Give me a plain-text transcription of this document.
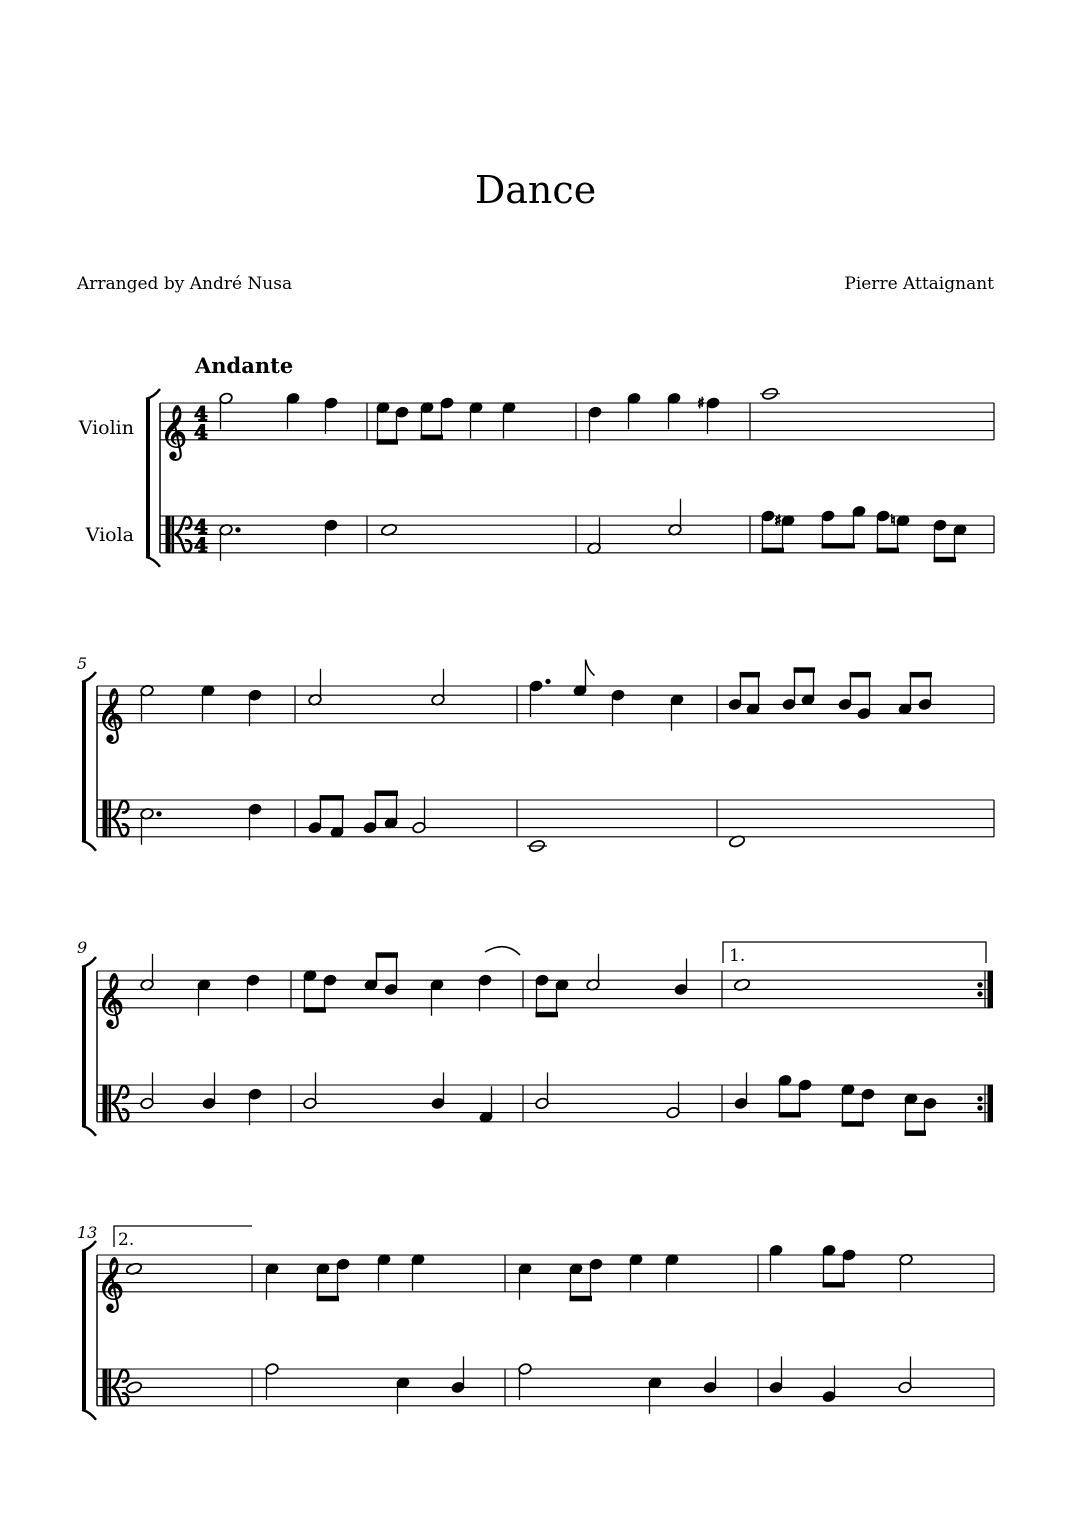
Dance
Arranged by André Nusa	Pierre Attaignant
Andante
Violin
Viola
5
9
13
𝄞 4
4
4
4
♯
♯	♮
𝄞
𝄞
𝄞
1.
2.
